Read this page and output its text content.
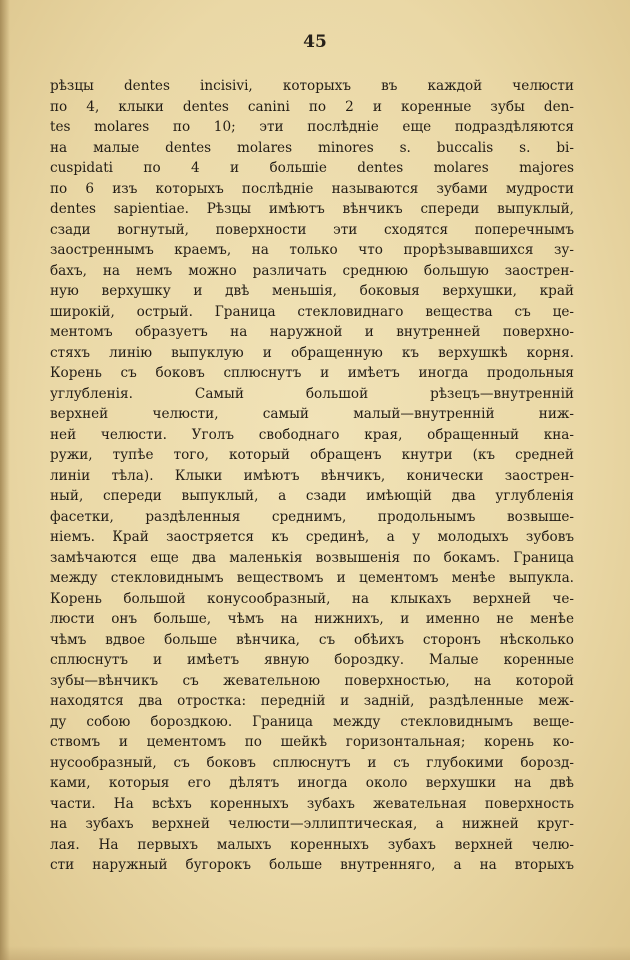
45
рѣзцы dentes incisivi, которыхъ въ каждой челюсти
по 4, клыки dentes canini по 2 и коренные зубы den-
tes molares по 10; эти послѣдніе еще подраздѣляются
на малые dentes molares minores s. buccalis s. bi-
cuspidati по 4 и большіе dentes molares majores
по 6 изъ которыхъ послѣдніе называются зубами мудрости
dentes sapientiae. Рѣзцы имѣютъ вѣнчикъ спереди выпуклый,
сзади вогнутый, поверхности эти сходятся поперечнымъ
заостреннымъ краемъ, на только что прорѣзывавшихся зу-
бахъ, на немъ можно различать среднюю большую заострен-
ную верхушку и двѣ меньшія, боковыя верхушки, край
широкій, острый. Граница стекловиднаго вещества съ це-
ментомъ образуетъ на наружной и внутренней поверхно-
стяхъ линію выпуклую и обращенную къ верхушкѣ корня.
Корень съ боковъ сплюснутъ и имѣетъ иногда продольныя
углубленія. Самый большой рѣзецъ—внутренній
верхней челюсти, самый малый—внутренній ниж-
ней челюсти. Уголъ свободнаго края, обращенный кна-
ружи, тупѣе того, который обращенъ кнутри (къ средней
линіи тѣла). Клыки имѣютъ вѣнчикъ, конически заострен-
ный, спереди выпуклый, а сзади имѣющій два углубленія
фасетки, раздѣленныя среднимъ, продольнымъ возвыше-
ніемъ. Край заостряется къ срединѣ, а у молодыхъ зубовъ
замѣчаются еще два маленькія возвышенія по бокамъ. Граница
между стекловиднымъ веществомъ и цементомъ менѣе выпукла.
Корень большой конусообразный, на клыкахъ верхней че-
люсти онъ больше, чѣмъ на нижнихъ, и именно не менѣе
чѣмъ вдвое больше вѣнчика, съ обѣихъ сторонъ нѣсколько
сплюснутъ и имѣетъ явную бороздку. Малые коренные
зубы—вѣнчикъ съ жевательною поверхностью, на которой
находятся два отростка: передній и задній, раздѣленные меж-
ду собою бороздкою. Граница между стекловиднымъ веще-
ствомъ и цементомъ по шейкѣ горизонтальная; корень ко-
нусообразный, съ боковъ сплюснутъ и съ глубокими борозд-
ками, которыя его дѣлятъ иногда около верхушки на двѣ
части. На всѣхъ коренныхъ зубахъ жевательная поверхность
на зубахъ верхней челюсти—эллиптическая, а нижней круг-
лая. На первыхъ малыхъ коренныхъ зубахъ верхней челю-
сти наружный бугорокъ больше внутренняго, а на вторыхъ
